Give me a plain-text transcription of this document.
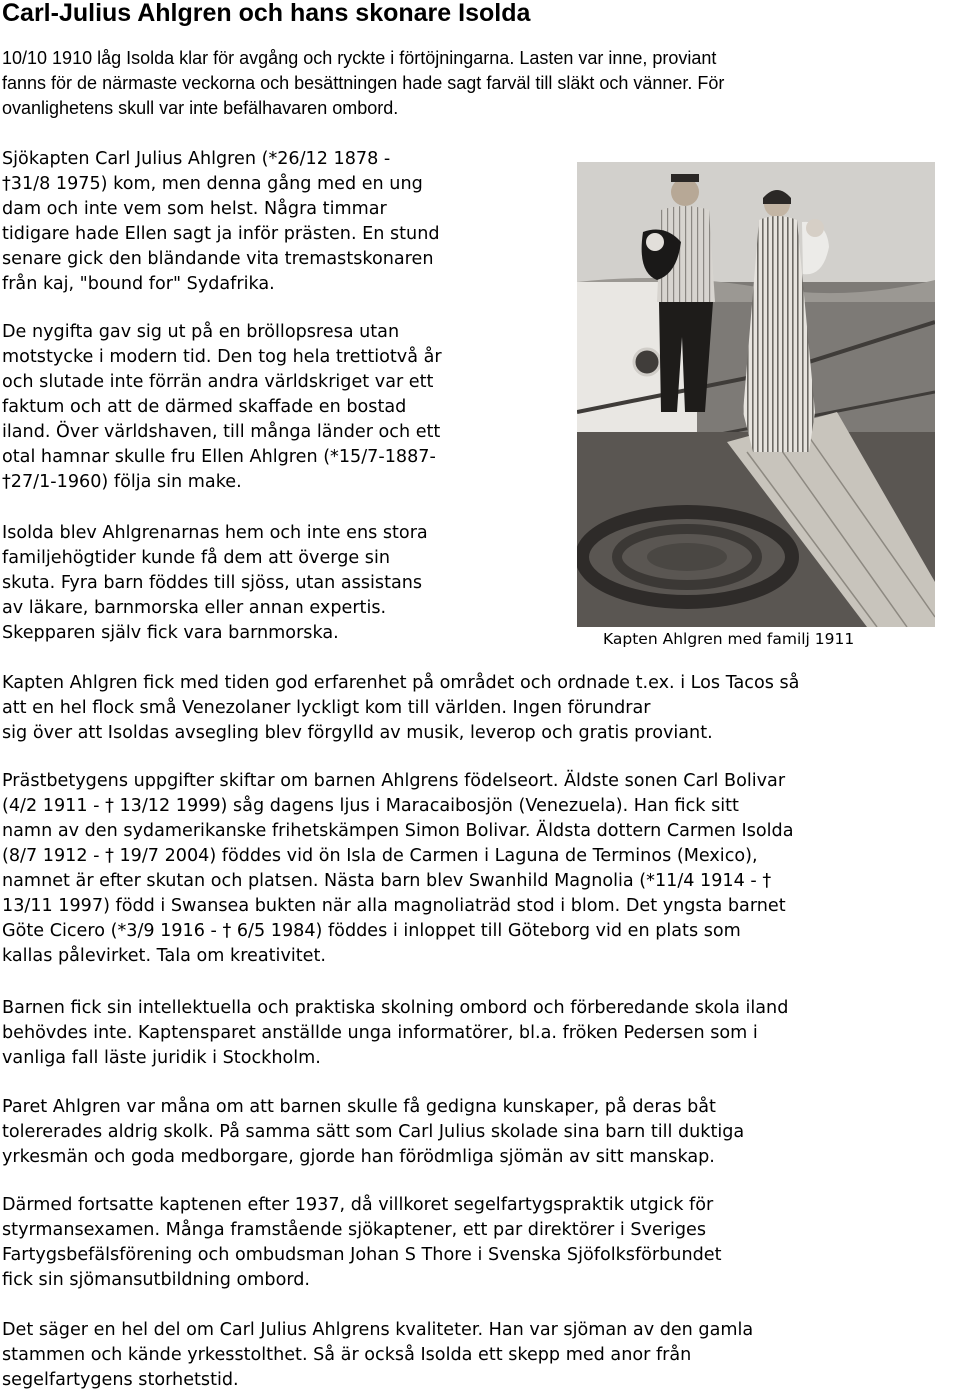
Carl-Julius Ahlgren och hans skonare Isolda

10/10 1910 låg Isolda klar för avgång och ryckte i förtöjningarna. Lasten var inne, proviant
fanns för de närmaste veckorna och besättningen hade sagt farväl till släkt och vänner. För
ovanlighetens skull var inte befälhavaren ombord.

Sjökapten Carl Julius Ahlgren (*26/12 1878 -
†31/8 1975) kom, men denna gång med en ung
dam och inte vem som helst. Några timmar
tidigare hade Ellen sagt ja inför prästen. En stund
senare gick den bländande vita tremastskonaren
från kaj, "bound for" Sydafrika.

De nygifta gav sig ut på en bröllopsresa utan
motstycke i modern tid. Den tog hela trettiotvå år
och slutade inte förrän andra världskriget var ett
faktum och att de därmed skaffade en bostad
iland. Över världshaven, till många länder och ett
otal hamnar skulle fru Ellen Ahlgren (*15/7-1887-
†27/1-1960) följa sin make.

Isolda blev Ahlgrenarnas hem och inte ens stora
familjehögtider kunde få dem att överge sin
skuta. Fyra barn föddes till sjöss, utan assistans
av läkare, barnmorska eller annan expertis.
Skepparen själv fick vara barnmorska.	Kapten Ahlgren med familj 1911

Kapten Ahlgren fick med tiden god erfarenhet på området och ordnade t.ex. i Los Tacos så
att en hel flock små Venezolaner lyckligt kom till världen. Ingen förundrar
sig över att Isoldas avsegling blev förgylld av musik, leverop och gratis proviant.

Prästbetygens uppgifter skiftar om barnen Ahlgrens födelseort. Äldste sonen Carl Bolivar
(4/2 1911 - † 13/12 1999) såg dagens ljus i Maracaibosjön (Venezuela). Han fick sitt
namn av den sydamerikanske frihetskämpen Simon Bolivar. Äldsta dottern Carmen Isolda
(8/7 1912 - † 19/7 2004) föddes vid ön Isla de Carmen i Laguna de Terminos (Mexico),
namnet är efter skutan och platsen. Nästa barn blev Swanhild Magnolia (*11/4 1914 - †
13/11 1997) född i Swansea bukten när alla magnoliaträd stod i blom. Det yngsta barnet
Göte Cicero (*3/9 1916 - † 6/5 1984) föddes i inloppet till Göteborg vid en plats som
kallas pålevirket. Tala om kreativitet.

Barnen fick sin intellektuella och praktiska skolning ombord och förberedande skola iland
behövdes inte. Kaptensparet anställde unga informatörer, bl.a. fröken Pedersen som i
vanliga fall läste juridik i Stockholm.

Paret Ahlgren var måna om att barnen skulle få gedigna kunskaper, på deras båt
tolererades aldrig skolk. På samma sätt som Carl Julius skolade sina barn till duktiga
yrkesmän och goda medborgare, gjorde han förödmliga sjömän av sitt manskap.

Därmed fortsatte kaptenen efter 1937, då villkoret segelfartygspraktik utgick för
styrmansexamen. Många framstående sjökaptener, ett par direktörer i Sveriges
Fartygsbefälsförening och ombudsman Johan S Thore i Svenska Sjöfolksförbundet
fick sin sjömansutbildning ombord.

Det säger en hel del om Carl Julius Ahlgrens kvaliteter. Han var sjöman av den gamla
stammen och kände yrkesstolthet. Så är också Isolda ett skepp med anor från
segelfartygens storhetstid.
